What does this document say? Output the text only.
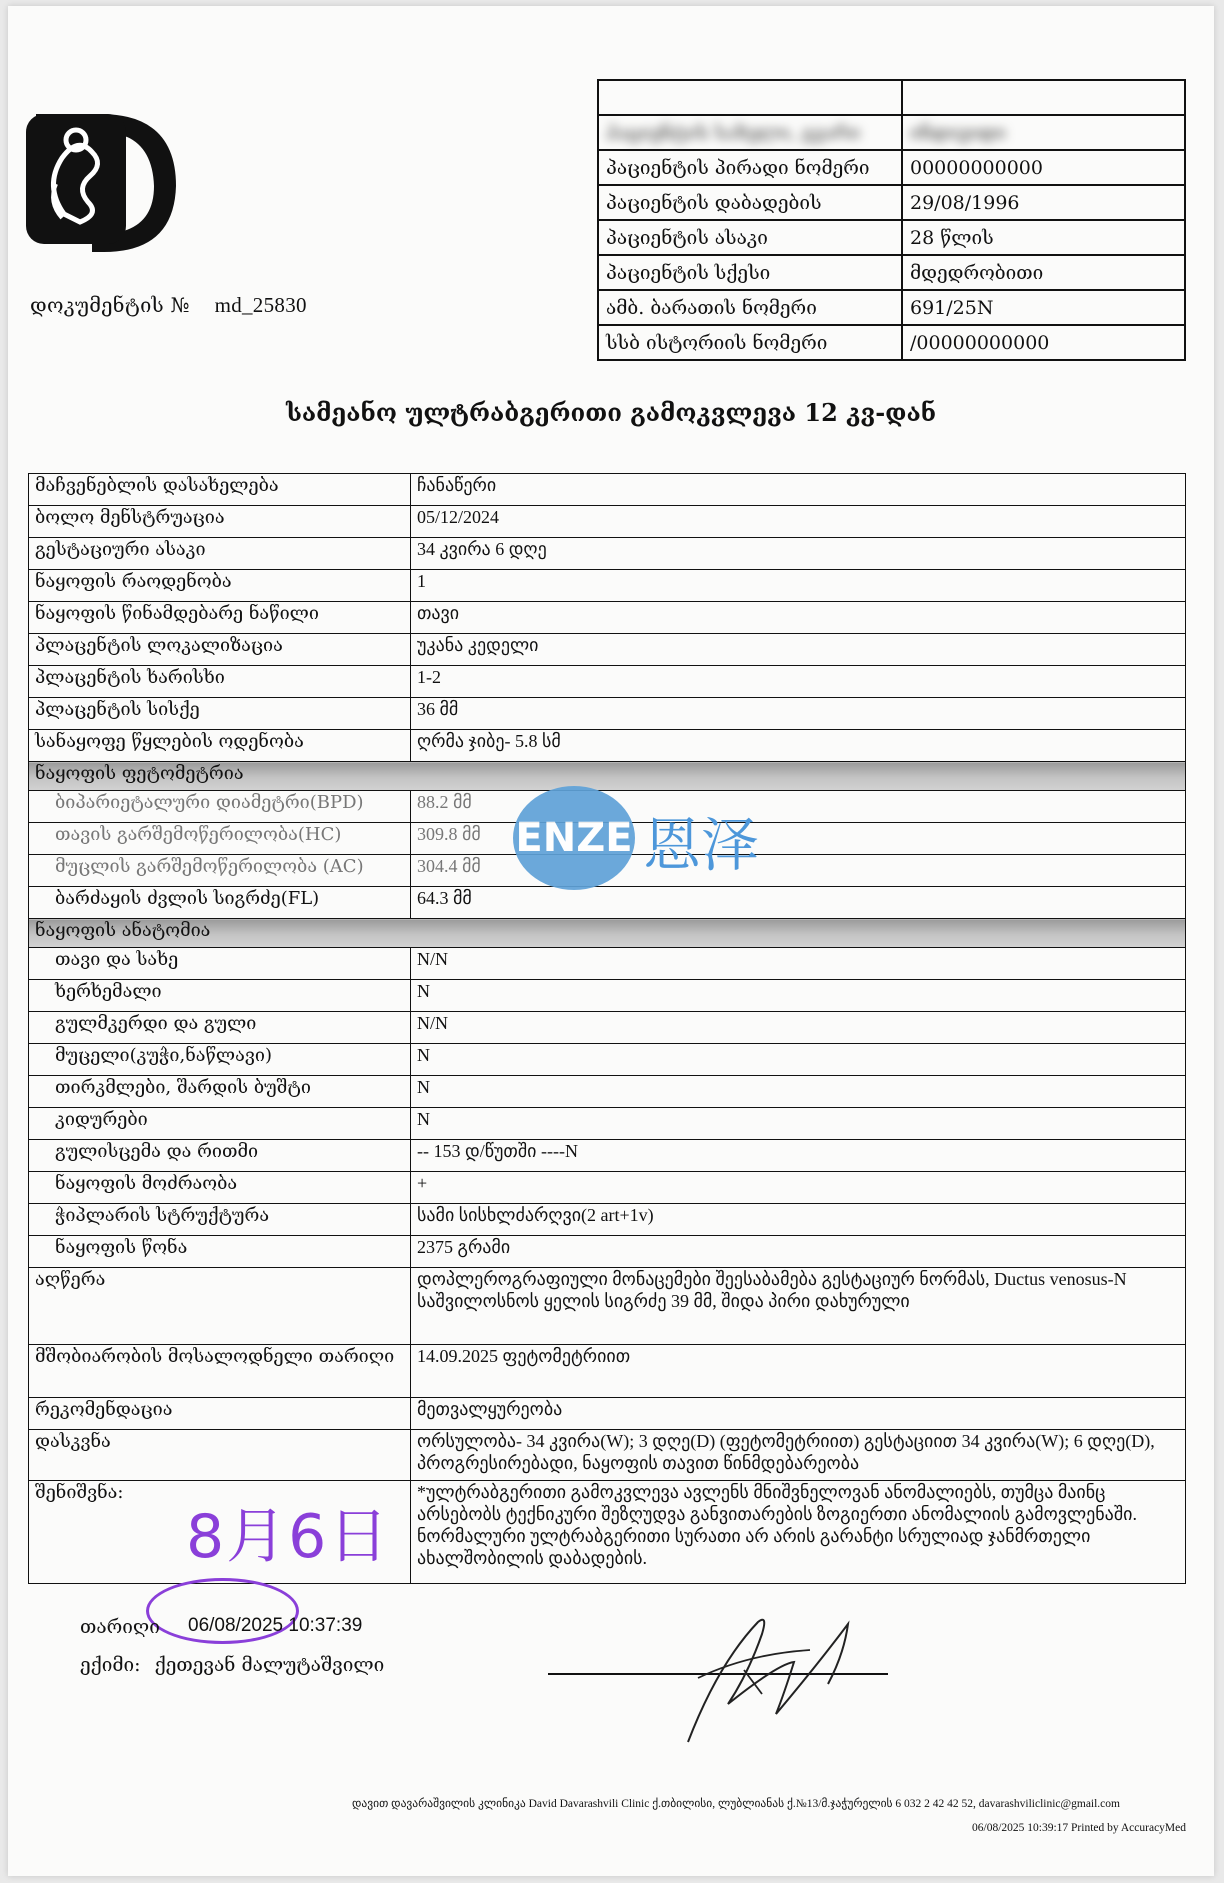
დოკუმენტის № md_25830

პაციენტის სახელი, გვარი	ინდივიდი
პაციენტის პირადი ნომერი	00000000000
პაციენტის დაბადების	29/08/1996
პაციენტის ასაკი	28 წლის
პაციენტის სქესი	მდედრობითი
ამბ. ბარათის ნომერი	691/25N
სსბ ისტორიის ნომერი	/00000000000
სამეანო ულტრაბგერითი გამოკვლევა 12 კვ-დან
მაჩვენებლის დასახელება	ჩანაწერი
ბოლო მენსტრუაცია	05/12/2024
გესტაციური ასაკი	34 კვირა 6 დღე
ნაყოფის რაოდენობა	1
ნაყოფის წინამდებარე ნაწილი	თავი
პლაცენტის ლოკალიზაცია	უკანა კედელი
პლაცენტის ხარისხი	1-2
პლაცენტის სისქე	36 მმ
სანაყოფე წყლების ოდენობა	ღრმა ჯიბე- 5.8 სმ
ნაყოფის ფეტომეტრია	
ბიპარიეტალური დიამეტრი(BPD)	88.2 მმ
თავის გარშემოწერილობა(HC)	309.8 მმ
მუცლის გარშემოწერილობა (AC)	304.4 მმ
ბარძაყის ძვლის სიგრძე(FL)	64.3 მმ
ნაყოფის ანატომია	
თავი და სახე	N/N
ხერხემალი	N
გულმკერდი და გული	N/N
მუცელი(კუჭი,ნაწლავი)	N
თირკმლები, შარდის ბუშტი	N
კიდურები	N
გულისცემა და რითმი	-- 153 დ/წუთში ----N
ნაყოფის მოძრაობა	+
ჭიპლარის სტრუქტურა	სამი სისხლძარღვი(2 art+1v)
ნაყოფის წონა	2375 გრამი
აღწერა	დოპლეროგრაფიული მონაცემები შეესაბამება გესტაციურ ნორმას, Ductus venosus-N
საშვილოსნოს ყელის სიგრძე 39 მმ, შიდა პირი დახურული

მშობიარობის მოსალოდნელი თარიღი	14.09.2025 ფეტომეტრიით
რეკომენდაცია	მეთვალყურეობა
დასკვნა	ორსულობა- 34 კვირა(W); 3 დღე(D) (ფეტომეტრიით) გესტაციით 34 კვირა(W); 6 დღე(D), პროგრესირებადი, ნაყოფის თავით წინმდებარეობა
შენიშვნა:	*ულტრაბგერითი გამოკვლევა ავლენს მნიშვნელოვან ანომალიებს, თუმცა მაინც არსებობს ტექნიკური შეზღუდვა განვითარების ზოგიერთი ანომალიის გამოვლენაში. ნორმალური ულტრაბგერითი სურათი არ არის გარანტი სრულიად ჯანმრთელი ახალშობილის დაბადების.
ENZE 恩泽
8月6日
თარიღი 06/08/2025 10:37:39
ექიმი: ქეთევან მალუტაშვილი
დავით დავარაშვილის კლინიკა David Davarashvili Clinic ქ.თბილისი, ლუბლიანას ქ.№13/მ.ჯაჭურელის 6 032 2 42 42 52, davarashviliclinic@gmail.com
06/08/2025 10:39:17 Printed by AccuracyMed
